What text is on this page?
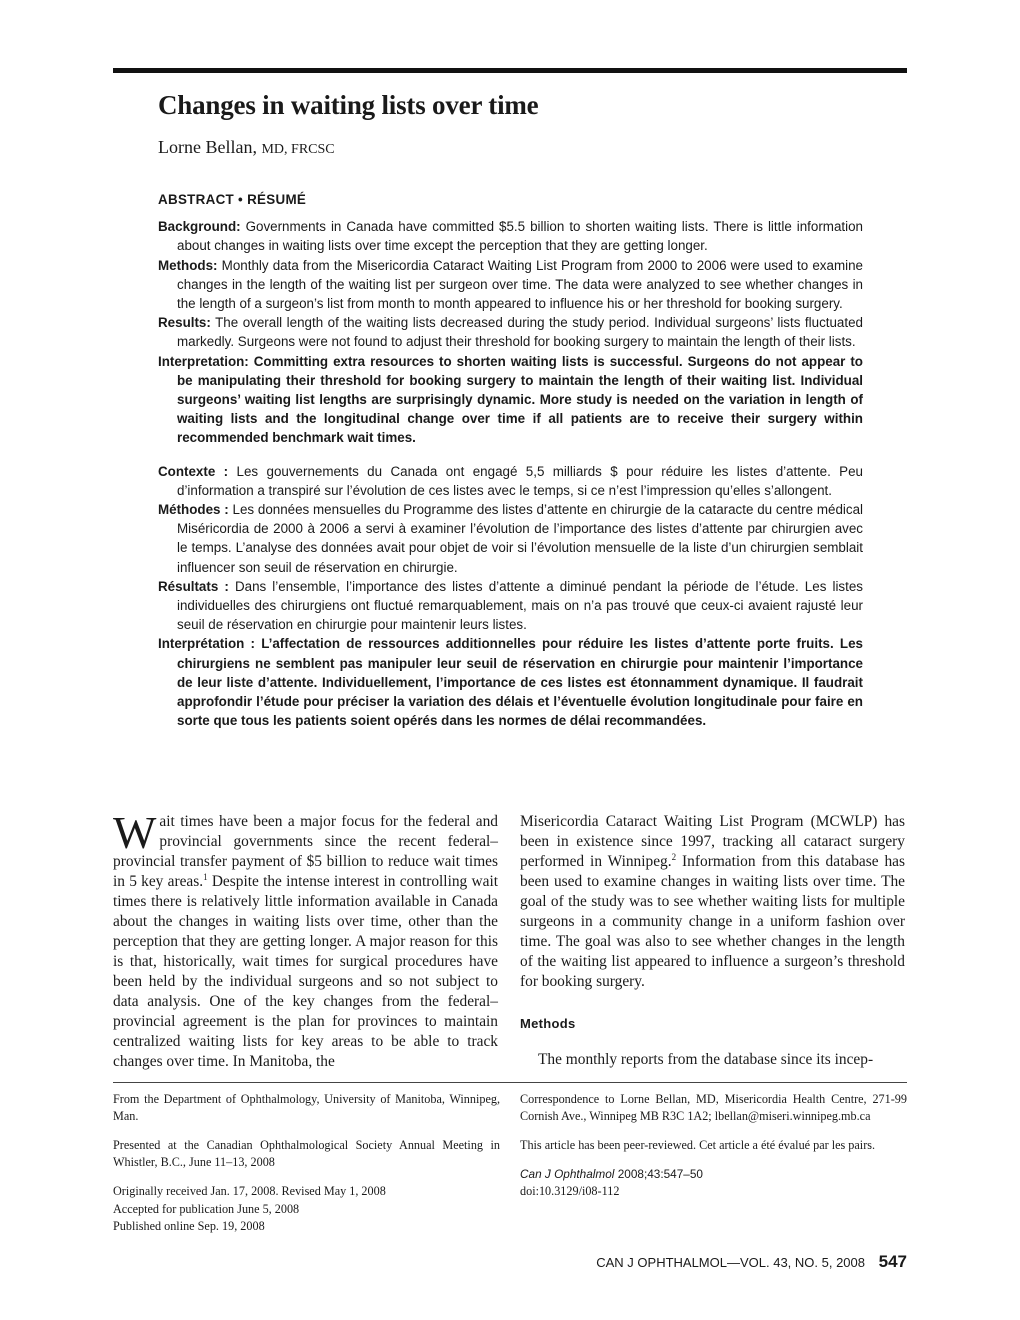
Changes in waiting lists over time
Lorne Bellan, MD, FRCSC
ABSTRACT • RÉSUMÉ
Background: Governments in Canada have committed $5.5 billion to shorten waiting lists. There is little information about changes in waiting lists over time except the perception that they are getting longer.
Methods: Monthly data from the Misericordia Cataract Waiting List Program from 2000 to 2006 were used to examine changes in the length of the waiting list per surgeon over time. The data were analyzed to see whether changes in the length of a surgeon’s list from month to month appeared to influence his or her threshold for booking surgery.
Results: The overall length of the waiting lists decreased during the study period. Individual surgeons’ lists fluctuated markedly. Surgeons were not found to adjust their threshold for booking surgery to maintain the length of their lists.
Interpretation: Committing extra resources to shorten waiting lists is successful. Surgeons do not appear to be manipulating their threshold for booking surgery to maintain the length of their waiting list. Individual surgeons’ waiting list lengths are surprisingly dynamic. More study is needed on the variation in length of waiting lists and the longitudinal change over time if all patients are to receive their surgery within recommended benchmark wait times.
Contexte : Les gouvernements du Canada ont engagé 5,5 milliards $ pour réduire les listes d’attente. Peu d’information a transpiré sur l’évolution de ces listes avec le temps, si ce n’est l’impression qu’elles s’allongent.
Méthodes : Les données mensuelles du Programme des listes d’attente en chirurgie de la cataracte du centre médical Miséricordia de 2000 à 2006 a servi à examiner l’évolution de l’importance des listes d’attente par chirurgien avec le temps. L’analyse des données avait pour objet de voir si l’évolution mensuelle de la liste d’un chirurgien semblait influencer son seuil de réservation en chirurgie.
Résultats : Dans l’ensemble, l’importance des listes d’attente a diminué pendant la période de l’étude. Les listes individuelles des chirurgiens ont fluctué remarquablement, mais on n’a pas trouvé que ceux-ci avaient rajusté leur seuil de réservation en chirurgie pour maintenir leurs listes.
Interprétation : L’affectation de ressources additionnelles pour réduire les listes d’attente porte fruits. Les chirurgiens ne semblent pas manipuler leur seuil de réservation en chirurgie pour maintenir l’importance de leur liste d’attente. Individuellement, l’importance de ces listes est étonnamment dynamique. Il faudrait approfondir l’étude pour préciser la variation des délais et l’éventuelle évolution longitudinale pour faire en sorte que tous les patients soient opérés dans les normes de délai recommandées.

Wait times have been a major focus for the federal and provincial governments since the recent federal–provincial transfer payment of $5 billion to reduce wait times in 5 key areas.$^1$ Despite the intense interest in controlling wait times there is relatively little information available in Canada about the changes in waiting lists over time, other than the perception that they are getting longer. A major reason for this is that, historically, wait times for surgical procedures have been held by the individual surgeons and so not subject to data analysis. One of the key changes from the federal–provincial agreement is the plan for provinces to maintain centralized waiting lists for key areas to be able to track changes over time. In Manitoba, the

Misericordia Cataract Waiting List Program (MCWLP) has been in existence since 1997, tracking all cataract surgery performed in Winnipeg.$^2$ Information from this database has been used to examine changes in waiting lists over time. The goal of the study was to see whether waiting lists for multiple surgeons in a community change in a uniform fashion over time. The goal was also to see whether changes in the length of the waiting list appeared to influence a surgeon’s threshold for booking surgery.

Methods

The monthly reports from the database since its incep-

From the Department of Ophthalmology, University of Manitoba, Winnipeg, Man.

Presented at the Canadian Ophthalmological Society Annual Meeting in Whistler, B.C., June 11–13, 2008

Originally received Jan. 17, 2008. Revised May 1, 2008
Accepted for publication June 5, 2008
Published online Sep. 19, 2008

Correspondence to Lorne Bellan, MD, Misericordia Health Centre, 271-99 Cornish Ave., Winnipeg MB R3C 1A2; lbellan@miseri.winnipeg.mb.ca

This article has been peer-reviewed. Cet article a été évalué par les pairs.

Can J Ophthalmol 2008;43:547–50
doi:10.3129/i08-112

CAN J OPHTHALMOL—VOL. 43, NO. 5, 2008 547
